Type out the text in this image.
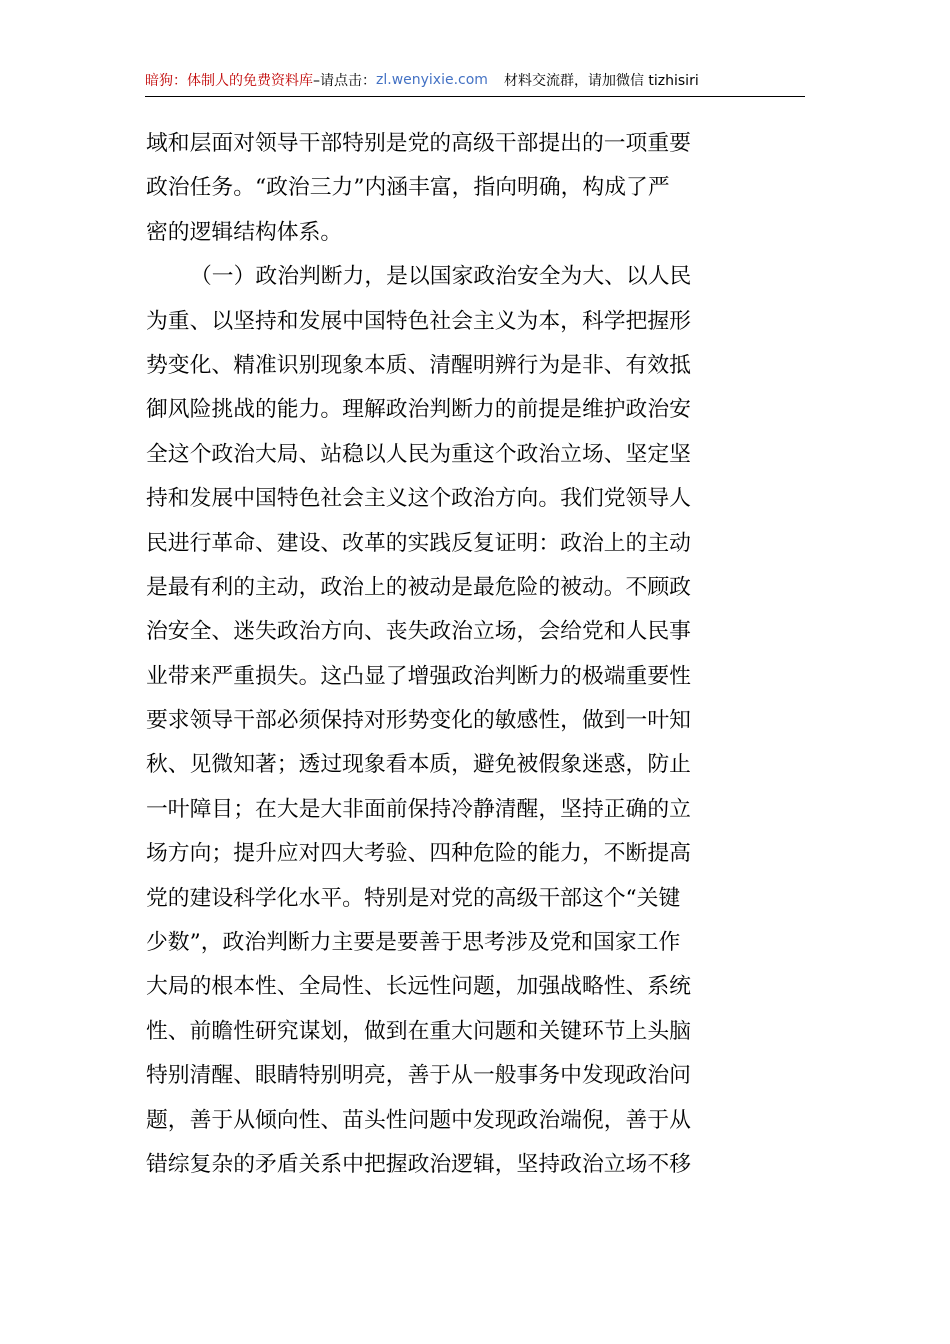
暗狗：体制人的免费资料库 –请点击： zl.wenyixie.com 材料交流群，请加微信 tizhisiri
域和层面对领导干部特别是党的高级干部提出的一项重要
政治任务。“政治三力”内涵丰富，指向明确，构成了严
密的逻辑结构体系。
（一）政治判断力，是以国家政治安全为大、以人民
为重、以坚持和发展中国特色社会主义为本，科学把握形
势变化、精准识别现象本质、清醒明辨行为是非、有效抵
御风险挑战的能力。理解政治判断力的前提是维护政治安
全这个政治大局、站稳以人民为重这个政治立场、坚定坚
持和发展中国特色社会主义这个政治方向。我们党领导人
民进行革命、建设、改革的实践反复证明：政治上的主动
是最有利的主动，政治上的被动是最危险的被动。不顾政
治安全、迷失政治方向、丧失政治立场，会给党和人民事
业带来严重损失。这凸显了增强政治判断力的极端重要性
要求领导干部必须保持对形势变化的敏感性，做到一叶知
秋、见微知著；透过现象看本质，避免被假象迷惑，防止
一叶障目；在大是大非面前保持冷静清醒，坚持正确的立
场方向；提升应对四大考验、四种危险的能力，不断提高
党的建设科学化水平。特别是对党的高级干部这个“关键
少数”，政治判断力主要是要善于思考涉及党和国家工作
大局的根本性、全局性、长远性问题，加强战略性、系统
性、前瞻性研究谋划，做到在重大问题和关键环节上头脑
特别清醒、眼睛特别明亮，善于从一般事务中发现政治问
题，善于从倾向性、苗头性问题中发现政治端倪，善于从
错综复杂的矛盾关系中把握政治逻辑，坚持政治立场不移
